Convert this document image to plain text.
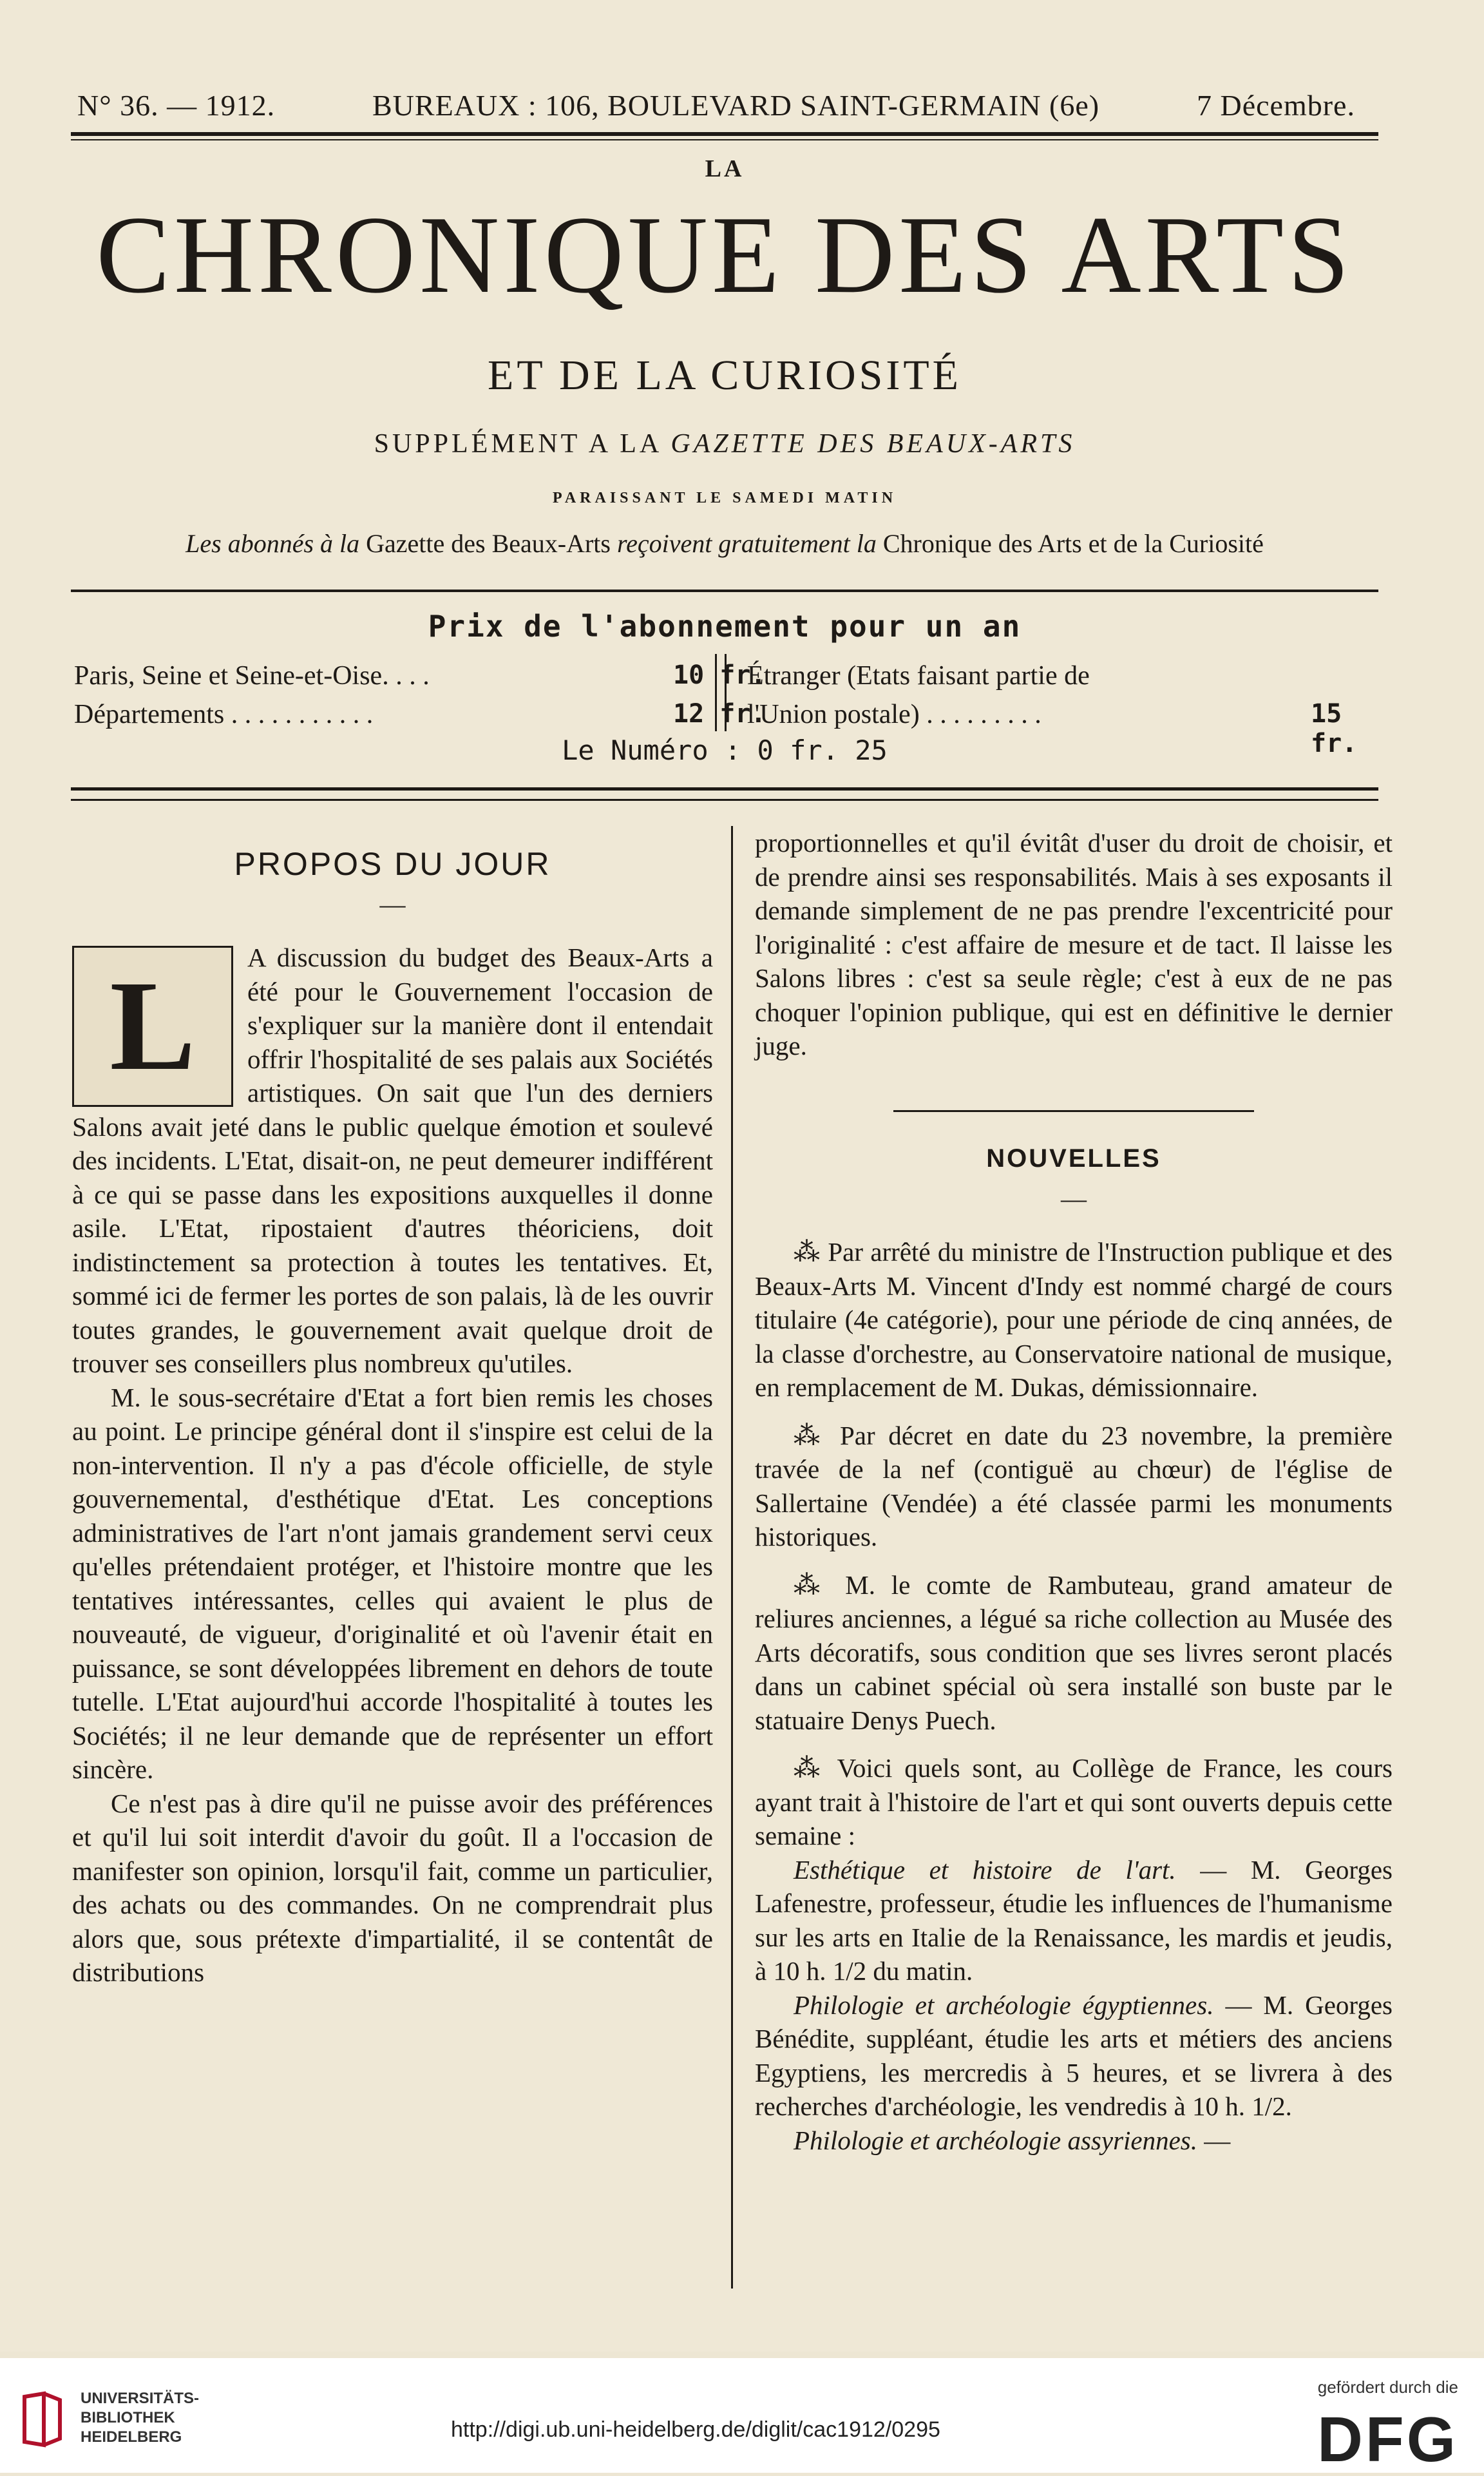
N° 36. — 1912.	BUREAUX : 106, BOULEVARD SAINT-GERMAIN (6e)	7 Décembre.
LA
CHRONIQUE DES ARTS
ET DE LA CURIOSITÉ
SUPPLÉMENT A LA GAZETTE DES BEAUX-ARTS
PARAISSANT LE SAMEDI MATIN
Les abonnés à la Gazette des Beaux-Arts reçoivent gratuitement la Chronique des Arts et de la Curiosité
Prix de l'abonnement pour un an
Paris, Seine et Seine-et-Oise. . . .	10 fr.
Étranger (Etats faisant partie de
Départements . . . . . . . . . . .	12 fr.
l'Union postale) . . . . . . . . .	15 fr.
Le Numéro : 0 fr. 25
PROPOS DU JOUR
—
L	A discussion du budget des Beaux-Arts a été pour le Gouvernement l'occasion de s'expliquer sur la manière dont il entendait offrir l'hospitalité de ses palais aux Sociétés artistiques. On sait que l'un des derniers Salons avait jeté dans le public quelque émotion et soulevé des incidents. L'Etat, disait-on, ne peut demeurer indifférent à ce qui se passe dans les expositions auxquelles il donne asile. L'Etat, ripostaient d'autres théoriciens, doit indistinctement sa protection à toutes les tentatives. Et, sommé ici de fermer les portes de son palais, là de les ouvrir toutes grandes, le gouvernement avait quelque droit de trouver ses conseillers plus nombreux qu'utiles.

M. le sous-secrétaire d'Etat a fort bien remis les choses au point. Le principe général dont il s'inspire est celui de la non-intervention. Il n'y a pas d'école officielle, de style gouvernemental, d'esthétique d'Etat. Les conceptions administratives de l'art n'ont jamais grandement servi ceux qu'elles prétendaient protéger, et l'histoire montre que les tentatives intéressantes, celles qui avaient le plus de nouveauté, de vigueur, d'originalité et où l'avenir était en puissance, se sont développées librement en dehors de toute tutelle. L'Etat aujourd'hui accorde l'hospitalité à toutes les Sociétés; il ne leur demande que de représenter un effort sincère.

Ce n'est pas à dire qu'il ne puisse avoir des préférences et qu'il lui soit interdit d'avoir du goût. Il a l'occasion de manifester son opinion, lorsqu'il fait, comme un particulier, des achats ou des commandes. On ne comprendrait plus alors que, sous prétexte d'impartialité, il se contentât de distributions

proportionnelles et qu'il évitât d'user du droit de choisir, et de prendre ainsi ses responsabilités. Mais à ses exposants il demande simplement de ne pas prendre l'excentricité pour l'originalité : c'est affaire de mesure et de tact. Il laisse les Salons libres : c'est sa seule règle; c'est à eux de ne pas choquer l'opinion publique, qui est en définitive le dernier juge.

NOUVELLES
—

⁂ Par arrêté du ministre de l'Instruction publique et des Beaux-Arts M. Vincent d'Indy est nommé chargé de cours titulaire (4e catégorie), pour une période de cinq années, de la classe d'orchestre, au Conservatoire national de musique, en remplacement de M. Dukas, démissionnaire.

⁂ Par décret en date du 23 novembre, la première travée de la nef (contiguë au chœur) de l'église de Sallertaine (Vendée) a été classée parmi les monuments historiques.

⁂ M. le comte de Rambuteau, grand amateur de reliures anciennes, a légué sa riche collection au Musée des Arts décoratifs, sous condition que ses livres seront placés dans un cabinet spécial où sera installé son buste par le statuaire Denys Puech.

⁂ Voici quels sont, au Collège de France, les cours ayant trait à l'histoire de l'art et qui sont ouverts depuis cette semaine :

Esthétique et histoire de l'art. — M. Georges Lafenestre, professeur, étudie les influences de l'humanisme sur les arts en Italie de la Renaissance, les mardis et jeudis, à 10 h. 1/2 du matin.

Philologie et archéologie égyptiennes. — M. Georges Bénédite, suppléant, étudie les arts et métiers des anciens Egyptiens, les mercredis à 5 heures, et se livrera à des recherches d'archéologie, les vendredis à 10 h. 1/2.

Philologie et archéologie assyriennes. —

UNIVERSITÄTS-
BIBLIOTHEK
HEIDELBERG	http://digi.ub.uni-heidelberg.de/diglit/cac1912/0295
gefördert durch die
DFG
